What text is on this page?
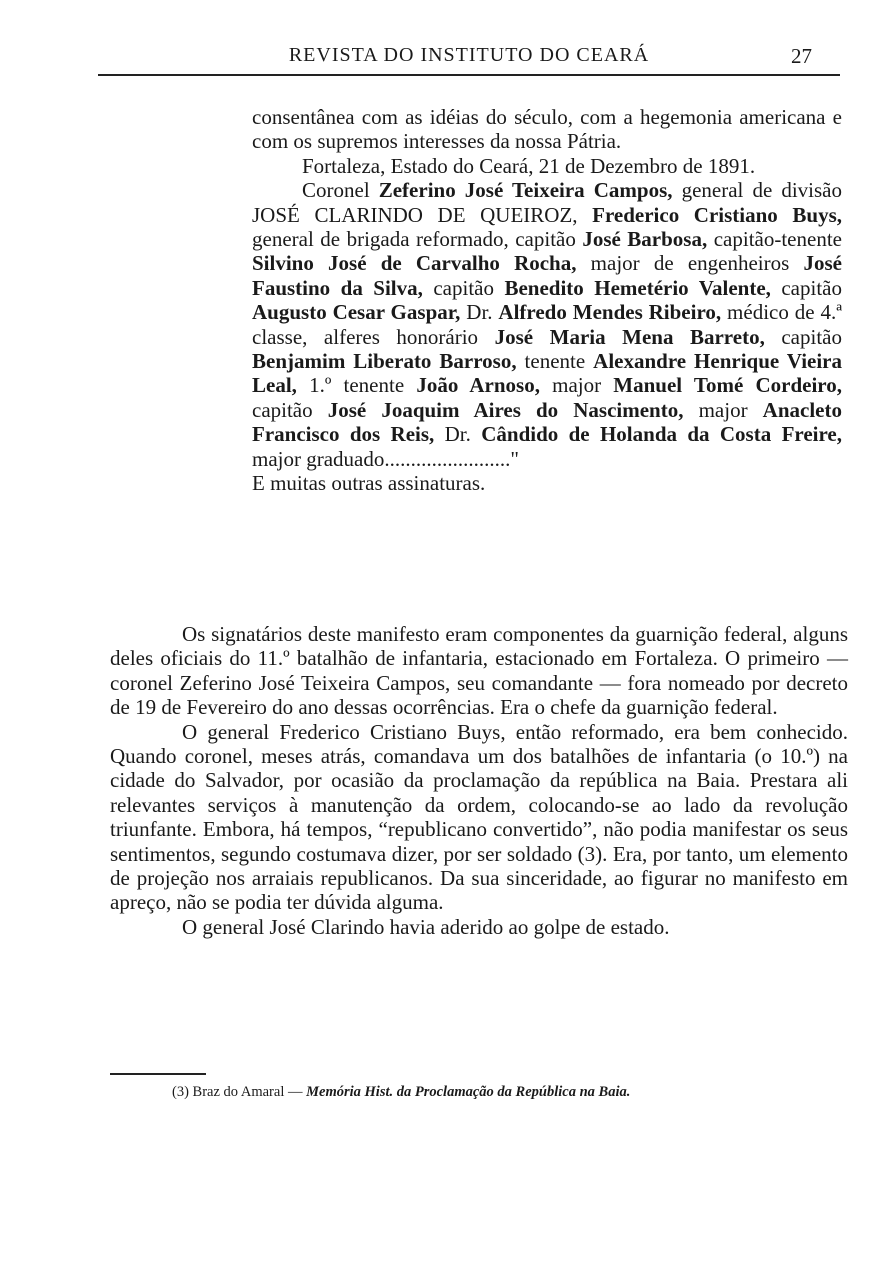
REVISTA DO INSTITUTO DO CEARÁ	27

consentânea com as idéias do século, com a hegemonia americana e com os supremos interesses da nossa Pátria.

Fortaleza, Estado do Ceará, 21 de Dezembro de 1891.

Coronel Zeferino José Teixeira Campos, general de divisão JOSÉ CLARINDO DE QUEIROZ, Frederico Cristiano Buys, general de brigada reformado, capitão José Barbosa, capitão-tenente Silvino José de Carvalho Rocha, major de engenheiros José Faustino da Silva, capitão Benedito Hemetério Valente, capitão Augusto Cesar Gaspar, Dr. Alfredo Mendes Ribeiro, médico de 4.ª classe, alferes honorário José Maria Mena Barreto, capitão Benjamim Liberato Barroso, tenente Alexandre Henrique Vieira Leal, 1.º tenente João Arnoso, major Manuel Tomé Cordeiro, capitão José Joaquim Aires do Nascimento, major Anacleto Francisco dos Reis, Dr. Cândido de Holanda da Costa Freire, major graduado........................"

E muitas outras assinaturas.

Os signatários deste manifesto eram componentes da guarnição federal, alguns deles oficiais do 11.º batalhão de infantaria, estacionado em Fortaleza. O primeiro — coronel Zeferino José Teixeira Campos, seu comandante — fora nomeado por decreto de 19 de Fevereiro do ano dessas ocorrências. Era o chefe da guarnição federal.

O general Frederico Cristiano Buys, então reformado, era bem conhecido. Quando coronel, meses atrás, comandava um dos batalhões de infantaria (o 10.º) na cidade do Salvador, por ocasião da proclamação da república na Baia. Prestara ali relevantes serviços à manutenção da ordem, colocando-se ao lado da revolução triunfante. Embora, há tempos, “republicano convertido”, não podia manifestar os seus sentimentos, segundo costumava dizer, por ser soldado (3). Era, por tanto, um elemento de projeção nos arraiais republicanos. Da sua sinceridade, ao figurar no manifesto em apreço, não se podia ter dúvida alguma.

O general José Clarindo havia aderido ao golpe de estado.

(3) Braz do Amaral — Memória Hist. da Proclamação da República na Baia.
